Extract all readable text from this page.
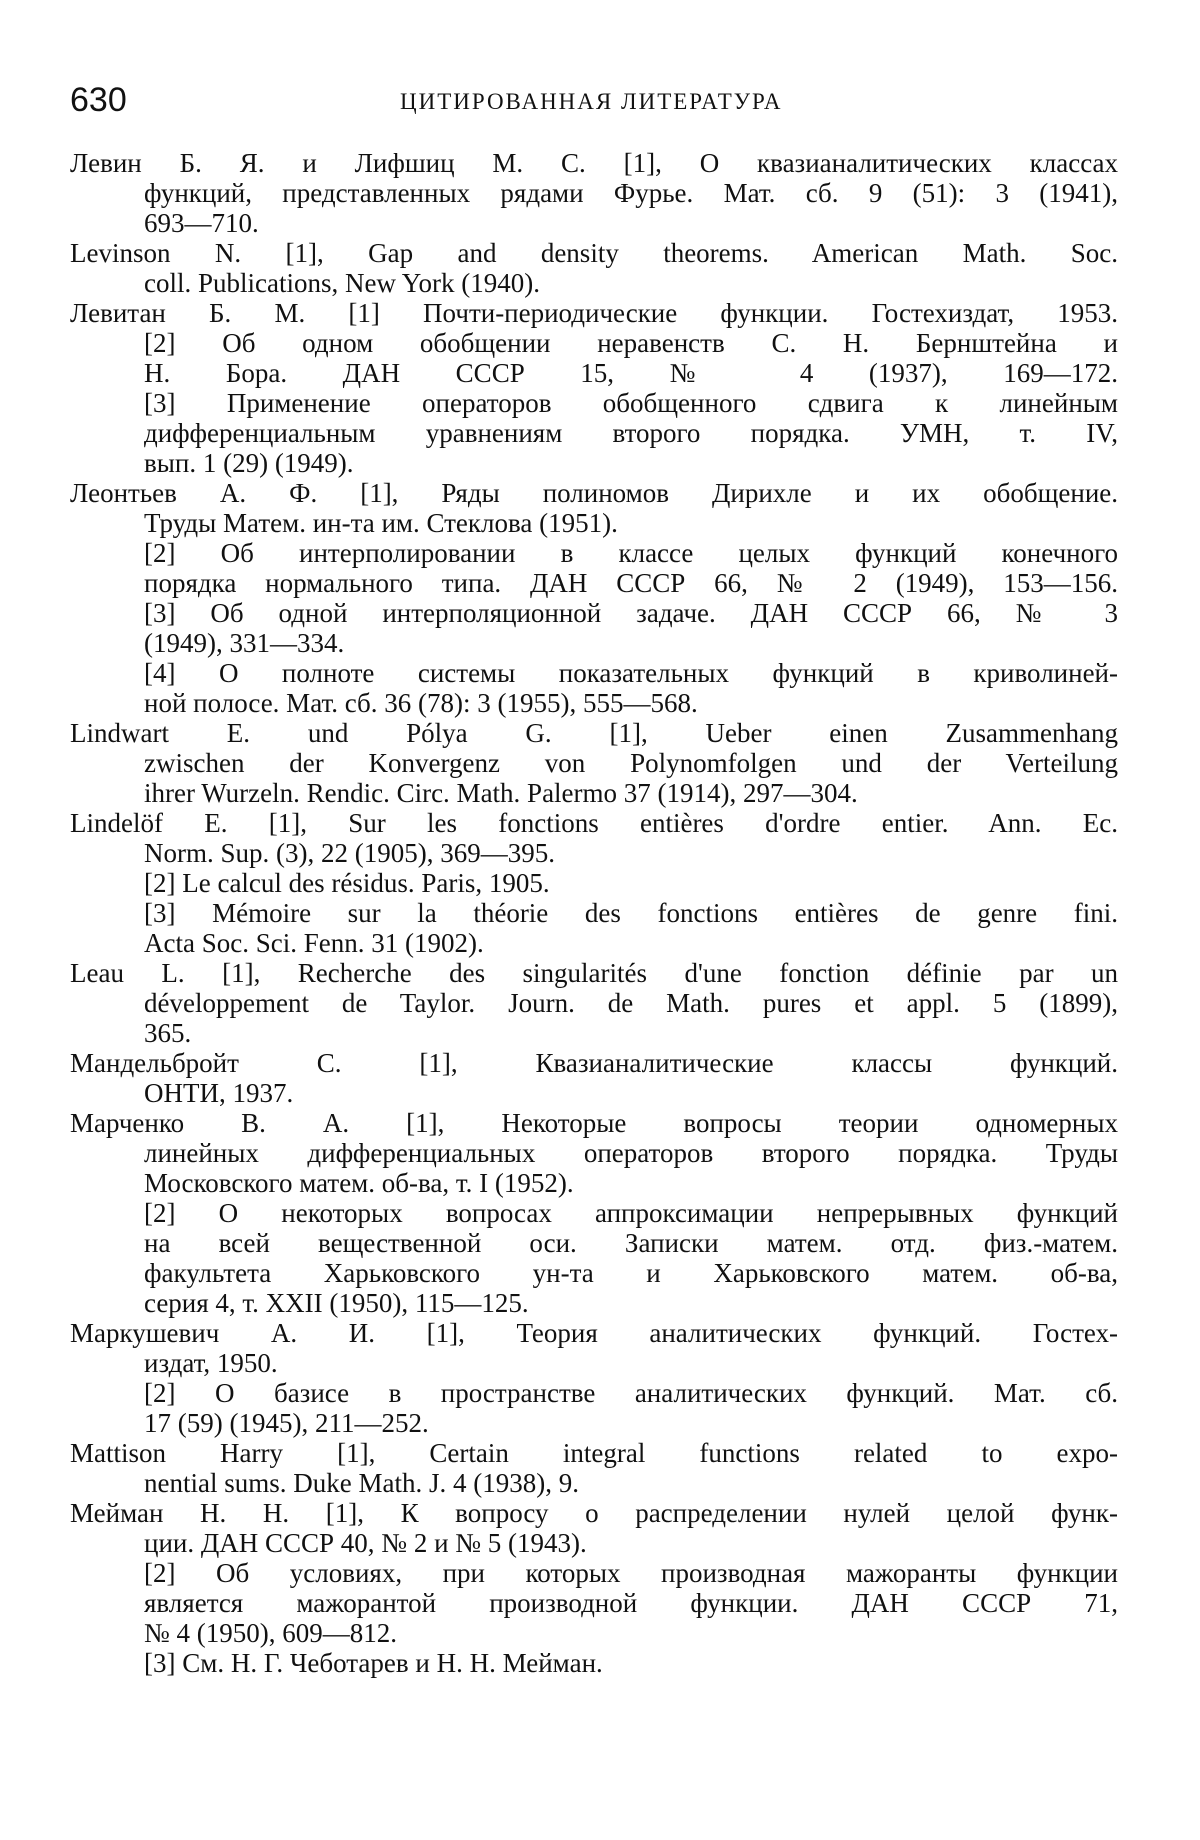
630	ЦИТИРОВАННАЯ ЛИТЕРАТУРА
Левин Б. Я. и Лифшиц М. С. [1], О квазианалитических классах
функций, представленных рядами Фурье. Мат. сб. 9 (51): 3 (1941),
693—710.
Levinson N. [1], Gap and density theorems. American Math. Soc.
coll. Publications, New York (1940).
Левитан Б. М. [1] Почти-периодические функции. Гостехиздат, 1953.
[2] Об одном обобщении неравенств С. Н. Бернштейна и
Н. Бора. ДАН СССР 15, № 4 (1937), 169—172.
[3] Применение операторов обобщенного сдвига к линейным
дифференциальным уравнениям второго порядка. УМН, т. IV,
вып. 1 (29) (1949).
Леонтьев А. Ф. [1], Ряды полиномов Дирихле и их обобщение.
Труды Матем. ин-та им. Стеклова (1951).
[2] Об интерполировании в классе целых функций конечного
порядка нормального типа. ДАН СССР 66, № 2 (1949), 153—156.
[3] Об одной интерполяционной задаче. ДАН СССР 66, № 3
(1949), 331—334.
[4] О полноте системы показательных функций в криволиней-
ной полосе. Мат. сб. 36 (78): 3 (1955), 555—568.
Lindwart E. und Pólya G. [1], Ueber einen Zusammenhang
zwischen der Konvergenz von Polynomfolgen und der Verteilung
ihrer Wurzeln. Rendic. Circ. Math. Palermo 37 (1914), 297—304.
Lindelöf E. [1], Sur les fonctions entières d'ordre entier. Ann. Ec.
Norm. Sup. (3), 22 (1905), 369—395.
[2] Le calcul des résidus. Paris, 1905.
[3] Mémoire sur la théorie des fonctions entières de genre fini.
Acta Soc. Sci. Fenn. 31 (1902).
Leau L. [1], Recherche des singularités d'une fonction définie par un
développement de Taylor. Journ. de Math. pures et appl. 5 (1899),
365.
Мандельбройт С. [1], Квазианалитические классы функций.
ОНТИ, 1937.
Марченко В. А. [1], Некоторые вопросы теории одномерных
линейных дифференциальных операторов второго порядка. Труды
Московского матем. об-ва, т. I (1952).
[2] О некоторых вопросах аппроксимации непрерывных функций
на всей вещественной оси. Записки матем. отд. физ.-матем.
факультета Харьковского ун-та и Харьковского матем. об-ва,
серия 4, т. XXII (1950), 115—125.
Маркушевич А. И. [1], Теория аналитических функций. Гостех-
издат, 1950.
[2] О базисе в пространстве аналитических функций. Мат. сб.
17 (59) (1945), 211—252.
Mattison Harry [1], Certain integral functions related to expo-
nential sums. Duke Math. J. 4 (1938), 9.
Мейман Н. Н. [1], К вопросу о распределении нулей целой функ-
ции. ДАН СССР 40, № 2 и № 5 (1943).
[2] Об условиях, при которых производная мажоранты функции
является мажорантой производной функции. ДАН СССР 71,
№ 4 (1950), 609—812.
[3] См. Н. Г. Чеботарев и Н. Н. Мейман.
